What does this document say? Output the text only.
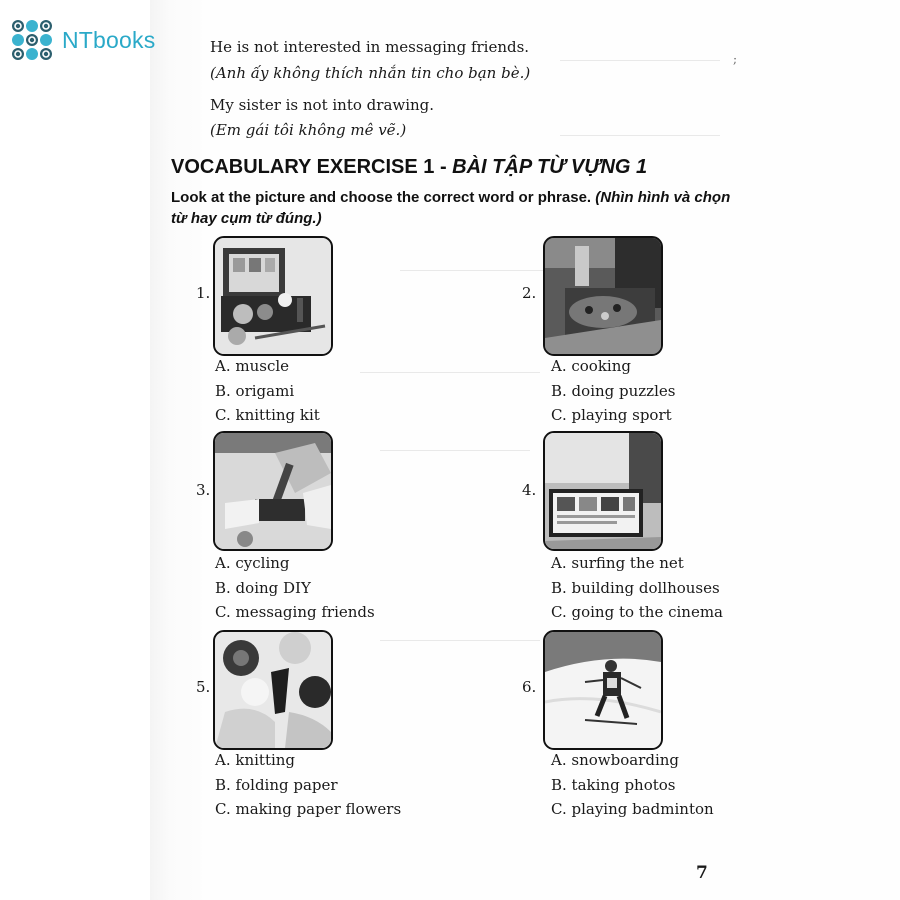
NTbooks
;
He is not interested in messaging friends.
(Anh ấy không thích nhắn tin cho bạn bè.)
My sister is not into drawing.
(Em gái tôi không mê vẽ.)
VOCABULARY EXERCISE 1 - BÀI TẬP TỪ VỰNG 1
Look at the picture and choose the correct word or phrase. (Nhìn hình và chọn từ hay cụm từ đúng.)
1.
A. muscle
B. origami
C. knitting kit
2.
A. cooking
B. doing puzzles
C. playing sport
3.
A. cycling
B. doing DIY
C. messaging friends
4.
A. surfing the net
B. building dollhouses
C. going to the cinema
5.
A. knitting
B. folding paper
C. making paper flowers
6.
A. snowboarding
B. taking photos
C. playing badminton
7
